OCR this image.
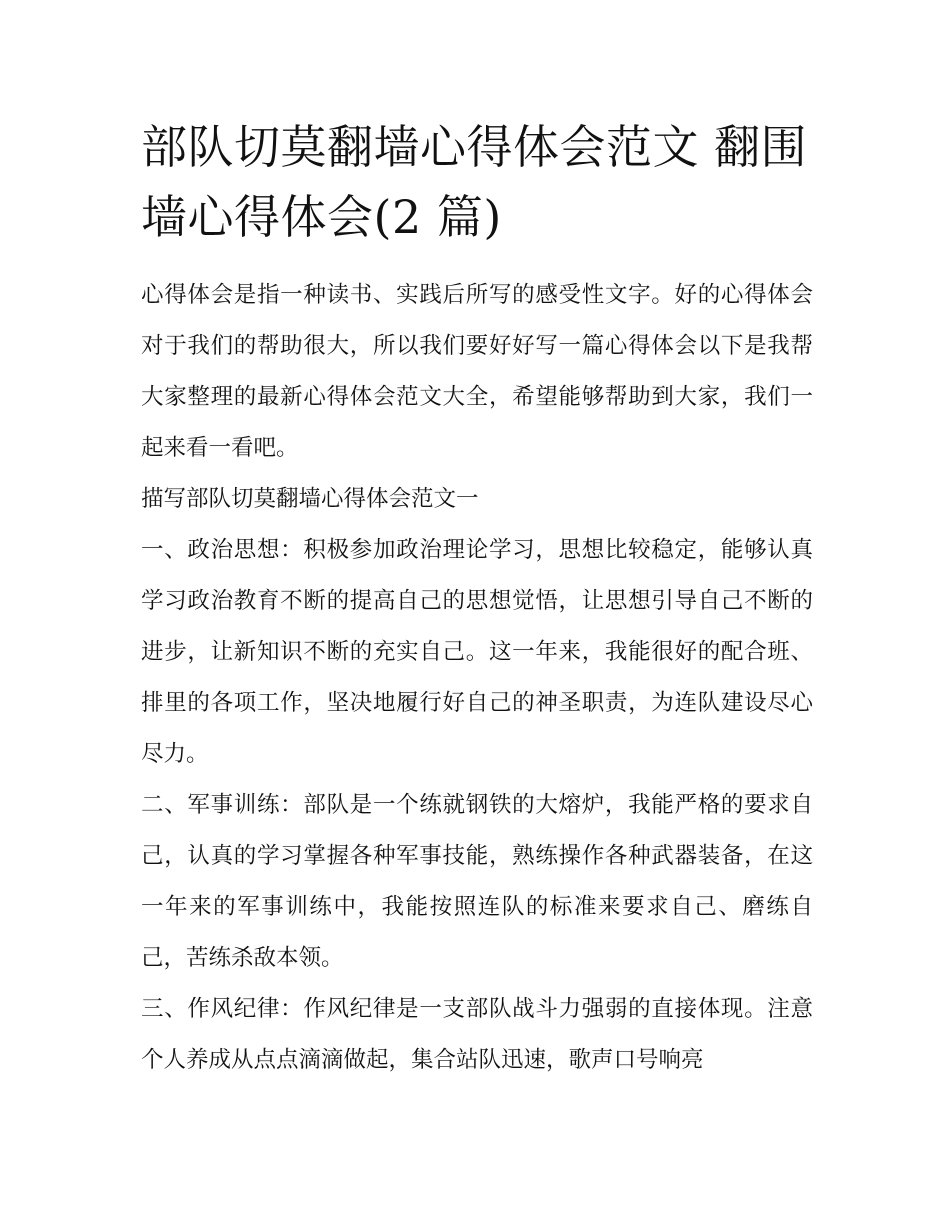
部队切莫翻墙心得体会范文 翻围墙心得体会(2 篇)

心得体会是指一种读书、实践后所写的感受性文字。好的心得体会对于我们的帮助很大，所以我们要好好写一篇心得体会以下是我帮大家整理的最新心得体会范文大全，希望能够帮助到大家，我们一起来看一看吧。

描写部队切莫翻墙心得体会范文一

一、政治思想：积极参加政治理论学习，思想比较稳定，能够认真学习政治教育不断的提高自己的思想觉悟，让思想引导自己不断的进步，让新知识不断的充实自己。这一年来，我能很好的配合班、排里的各项工作，坚决地履行好自己的神圣职责，为连队建设尽心尽力。

二、军事训练：部队是一个练就钢铁的大熔炉，我能严格的要求自己，认真的学习掌握各种军事技能，熟练操作各种武器装备，在这一年来的军事训练中，我能按照连队的标准来要求自己、磨练自己，苦练杀敌本领。

三、作风纪律：作风纪律是一支部队战斗力强弱的直接体现。注意个人养成从点点滴滴做起，集合站队迅速，歌声口号响亮
